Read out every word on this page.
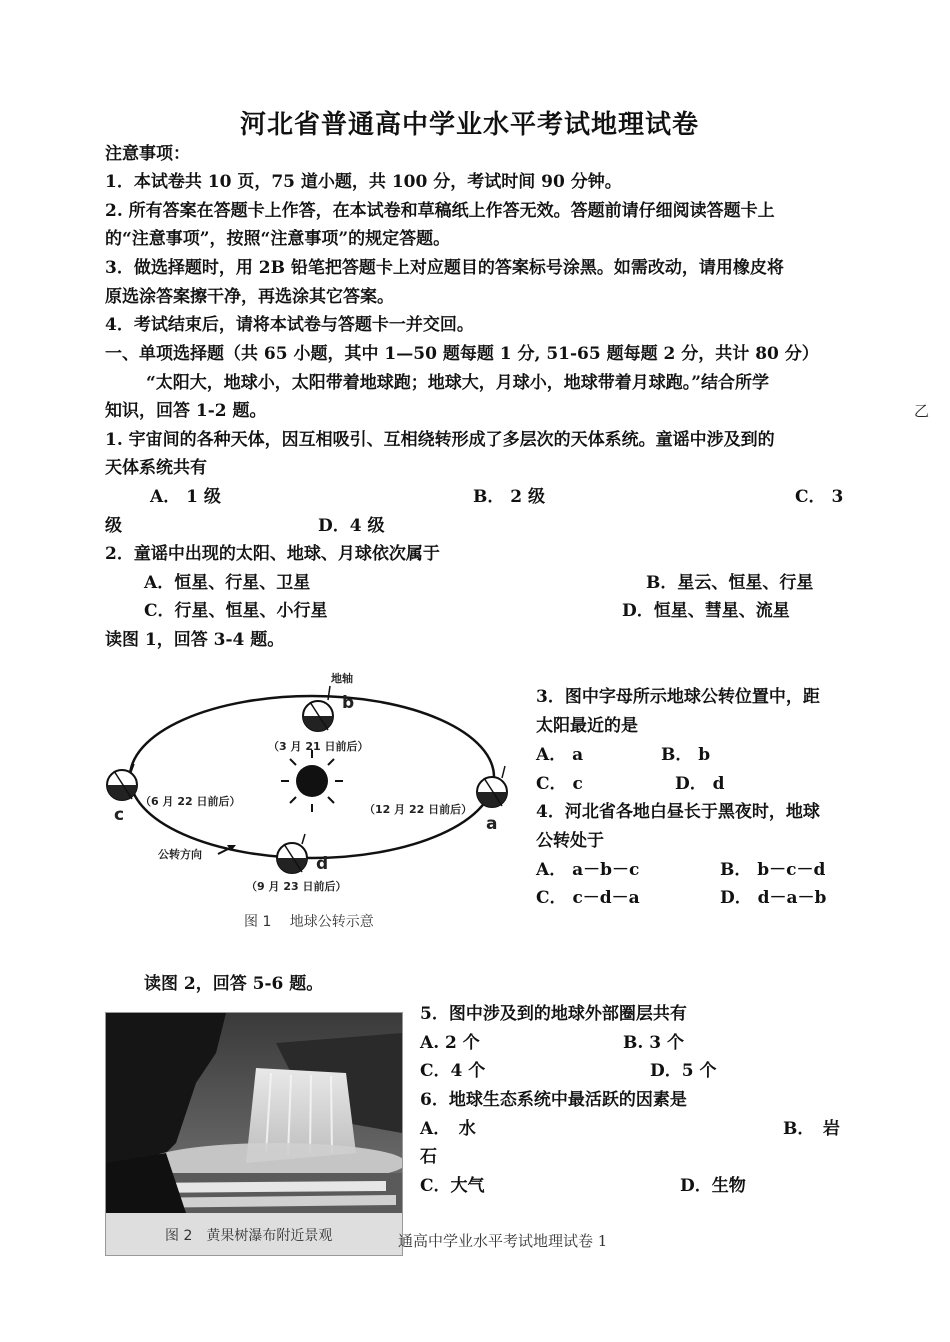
河北省普通高中学业水平考试地理试卷
注意事项：
1．本试卷共 10 页，75 道小题，共 100 分，考试时间 90 分钟。
2. 所有答案在答题卡上作答，在本试卷和草稿纸上作答无效。答题前请仔细阅读答题卡上
的“注意事项”，按照“注意事项”的规定答题。
3．做选择题时，用 2B 铅笔把答题卡上对应题目的答案标号涂黑。如需改动，请用橡皮将
原选涂答案擦干净，再选涂其它答案。
4．考试结束后，请将本试卷与答题卡一并交回。
一、单项选择题（共 65 小题，其中 1—50 题每题 1 分, 51-65 题每题 2 分，共计 80 分）
“太阳大，地球小，太阳带着地球跑；地球大，月球小，地球带着月球跑。”结合所学
知识，回答 1-2 题。	乙
1. 宇宙间的各种天体，因互相吸引、互相绕转形成了多层次的天体系统。童谣中涉及到的
天体系统共有
A． 1 级	B． 2 级	C． 3
级	D．4 级
2．童谣中出现的太阳、地球、月球依次属于
A．恒星、行星、卫星	B．星云、恒星、行星
C．行星、恒星、小行星	D．恒星、彗星、流星
读图 1，回答 3-4 题。
地轴
b
（3 月 21 日前后）
c
（6 月 22 日前后）
a
（12 月 22 日前后）
d
（9 月 23 日前后）
公转方向
图 1　 地球公转示意
3．图中字母所示地球公转位置中，距
太阳最近的是
A． a	B． b
C． c	D． d
4．河北省各地白昼长于黑夜时，地球
公转处于
A． a－b－c	B． b－c－d
C． c－d－a	D． d－a－b
读图 2，回答 5-6 题。
图 2　黄果树瀑布附近景观
5．图中涉及到的地球外部圈层共有
A. 2 个	B. 3 个
C．4 个	D．5 个
6．地球生态系统中最活跃的因素是
A．　水	B．　岩
石
C．大气	D．生物
通高中学业水平考试地理试卷 1
